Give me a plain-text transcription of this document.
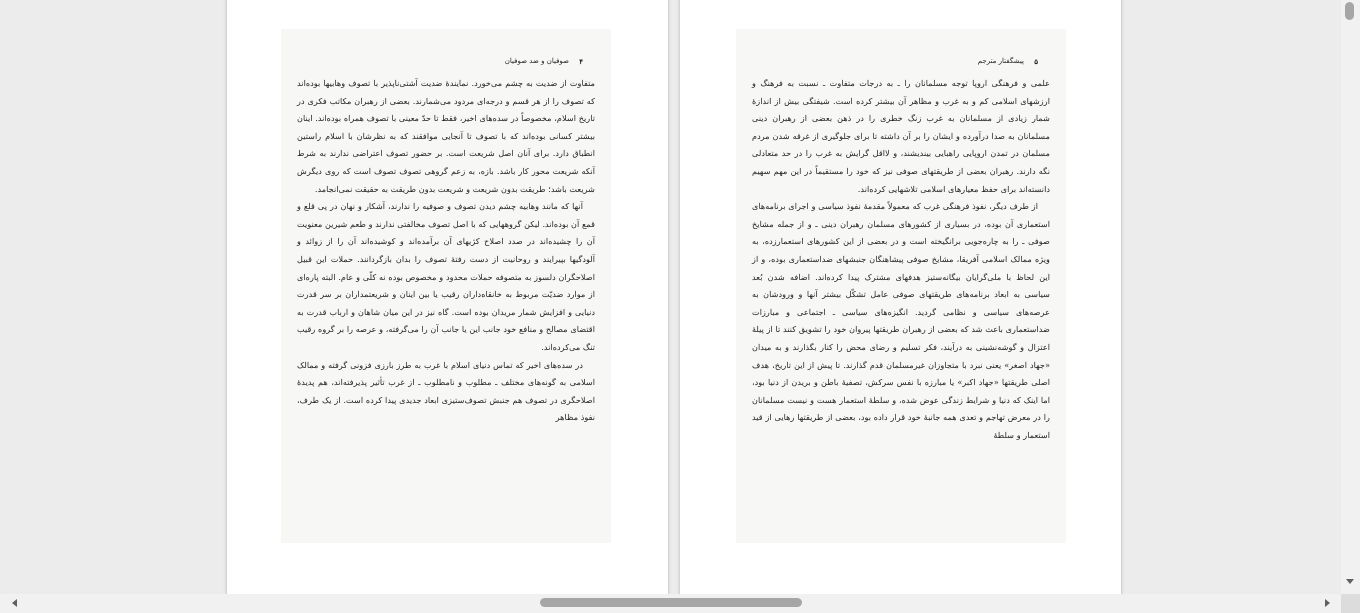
۴
صوفیان و ضد صوفیان

متفاوت از ضدیت به چشم می‌خورد. نمایندهٔ ضدیت آشتی‌ناپذیر با تصوف وهابیها بوده‌اند که تصوف را از هر قسم و درجه‌ای مردود می‌شمارند. بعضی از رهبران مکاتب فکری در تاریخ اسلام، مخصوصاً در سده‌های اخیر، فقط تا حدّ معینی با تصوف همراه بوده‌اند. اینان بیشتر کسانی بوده‌اند که با تصوف تا آنجایی موافقند که به نظرشان با اسلام راستین انطباق دارد. برای آنان اصل شریعت است. بر حضور تصوف اعتراضی ندارند به شرط آنکه شریعت محور کار باشد. بازه، به زعم گروهی تصوف تصوف است که روی دیگرش شریعت باشد؛ طریقت بدون شریعت و شریعت بدون طریقت به حقیقت نمی‌انجامد.

آنها که مانند وهابیه چشم دیدن تصوف و صوفیه را ندارند، آشکار و نهان در پی قلع و قمع آن بوده‌اند. لیکن گروههایی که با اصل تصوف مخالفتی ندارند و طعم شیرین معنویت آن را چشیده‌اند در صدد اصلاح کژیهای آن برآمده‌اند و کوشیده‌اند آن را از زوائد و آلودگیها بپیرایند و روحانیت از دست رفتهٔ تصوف را بدان بازگردانند. حملات این قبیل اصلاحگران دلسوز به متصوفه حملات محدود و مخصوص بوده نه کلّی و عام. البته پاره‌ای از موارد ضدیّت مربوط به خانقاه‌داران رقیب یا بین اینان و شریعتمداران بر سر قدرت دنیایی و افزایش شمار مریدان بوده است. گاه نیز در این میان شاهان و ارباب قدرت به اقتضای مصالح و منافع خود جانب این یا جانب آن را می‌گرفته، و عرصه را بر گروه رقیب تنگ می‌کرده‌اند.

در سده‌های اخیر که تماس دنیای اسلام با غرب به طرز بارزی فزونی گرفته و ممالک اسلامی به گونه‌های مختلف ـ مطلوب و نامطلوب ـ از غرب تأثیر پذیرفته‌اند، هم پدیدهٔ اصلاحگری در تصوف هم جنبش تصوف‌ستیزی ابعاد جدیدی پیدا کرده است. از یک طرف، نفوذ مظاهر

۵
پیشگفتار مترجم

علمی و فرهنگی اروپا توجه مسلمانان را ـ به درجات متفاوت ـ نسبت به فرهنگ و ارزشهای اسلامی کم و به غرب و مظاهر آن بیشتر کرده است. شیفتگی بیش از اندازهٔ شمار زیادی از مسلمانان به غرب زنگ خطری را در ذهن بعضی از رهبران دینی مسلمانان به صدا درآورده و ایشان را بر آن داشته تا برای جلوگیری از غرقه شدن مردم مسلمان در تمدن اروپایی راهبایی بیندیشند، و لااقل گرایش به غرب را در حد متعادلی نگه دارند. رهبران بعضی از طریقتهای صوفی نیز که خود را مستقیماً در این مهم سهیم دانسته‌اند برای حفظ معیارهای اسلامی تلاشهایی کرده‌اند.

از طرف دیگر، نفوذ فرهنگی غرب که معمولاً مقدمهٔ نفوذ سیاسی و اجرای برنامه‌های استعماری آن بوده، در بسیاری از کشورهای مسلمان رهبران دینی ـ و از جمله مشایخ صوفی ـ را به چاره‌جویی برانگیخته است و در بعضی از این کشورهای استعمارزده، به ویژه ممالک اسلامی آفریقا، مشایخ صوفی پیشاهنگان جنبشهای ضداستعماری بوده، و از این لحاظ با ملی‌گرایان بیگانه‌ستیز هدفهای مشترک پیدا کرده‌اند. اضافه شدن بُعد سیاسی به ابعاد برنامه‌های طریقتهای صوفی عامل تشکّل بیشتر آنها و ورودشان به عرصه‌های سیاسی و نظامی گردید. انگیزه‌های سیاسی ـ اجتماعی و مبارزات ضداستعماری باعث شد که بعضی از رهبران طریقتها پیروان خود را تشویق کنند تا از پیلهٔ اعتزال و گوشه‌نشینی به درآیند، فکر تسلیم و رضای محض را کنار بگذارند و به میدان «جهاد اصغر» یعنی نبرد با متجاوزان غیرمسلمان قدم گذارند. تا پیش از این تاریخ، هدف اصلی طریقتها «جهاد اکبر» یا مبارزه با نفس سرکش، تصفیهٔ باطن و بریدن از دنیا بود، اما اینک که دنیا و شرایط زندگی عوض شده، و سلطهٔ استعمار هست و نیست مسلمانان را در معرض تهاجم و تعدی همه جانبهٔ خود قرار داده بود، بعضی از طریقتها رهایی از قید استعمار و سلطهٔ
